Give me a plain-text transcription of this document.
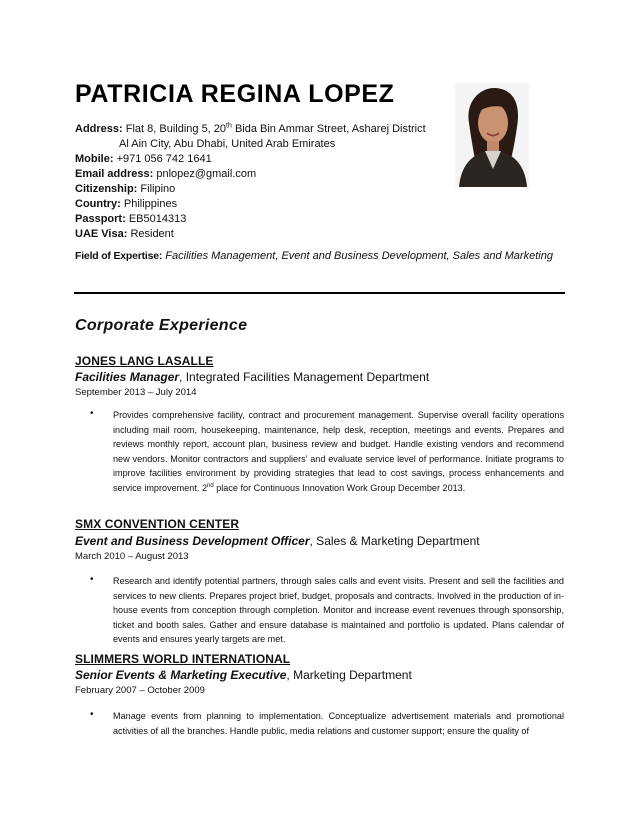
PATRICIA REGINA LOPEZ
Address: Flat 8, Building 5, 20th Bida Bin Ammar Street, Asharej District
Al Ain City, Abu Dhabi, United Arab Emirates
Mobile: +971 056 742 1641
Email address: pnlopez@gmail.com
Citizenship: Filipino
Country: Philippines
Passport: EB5014313
UAE Visa: Resident
Field of Expertise: Facilities Management, Event and Business Development, Sales and Marketing
Corporate Experience
JONES LANG LASALLE
Facilities Manager, Integrated Facilities Management Department
September 2013 – July 2014
• Provides comprehensive facility, contract and procurement management. Supervise overall facility operations including mail room, housekeeping, maintenance, help desk, reception, meetings and events. Prepares and reviews monthly report, account plan, business review and budget. Handle existing vendors and recommend new vendors. Monitor contractors and suppliers’ and evaluate service level of performance. Initiate programs to improve facilities environment by providing strategies that lead to cost savings, process enhancements and service improvement. 2nd place for Continuous Innovation Work Group December 2013.
SMX CONVENTION CENTER
Event and Business Development Officer, Sales & Marketing Department
March 2010 – August 2013
• Research and identify potential partners, through sales calls and event visits. Present and sell the facilities and services to new clients. Prepares project brief, budget, proposals and contracts. Involved in the production of in-house events from conception through completion. Monitor and increase event revenues through sponsorship, ticket and booth sales. Gather and ensure database is maintained and portfolio is updated. Plans calendar of events and ensures yearly targets are met.
SLIMMERS WORLD INTERNATIONAL
Senior Events & Marketing Executive, Marketing Department
February 2007 – October 2009
• Manage events from planning to implementation. Conceptualize advertisement materials and promotional activities of all the branches. Handle public, media relations and customer support; ensure the quality of
